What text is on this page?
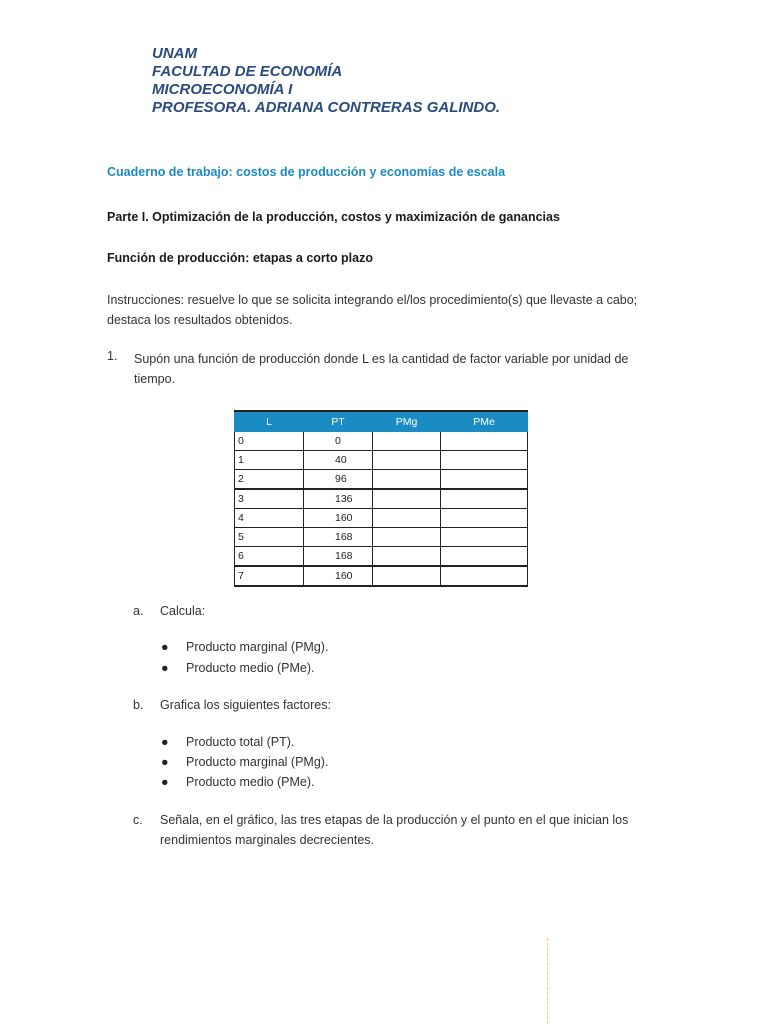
UNAM
FACULTAD DE ECONOMÍA
MICROECONOMÍA I
PROFESORA. ADRIANA CONTRERAS GALINDO.
Cuaderno de trabajo: costos de producción y economías de escala
Parte I. Optimización de la producción, costos y maximización de ganancias
Función de producción: etapas a corto plazo
Instrucciones: resuelve lo que se solicita integrando el/los procedimiento(s) que llevaste a cabo; destaca los resultados obtenidos.
1. Supón una función de producción donde L es la cantidad de factor variable por unidad de tiempo.
L	PT	PMg	PMe
0	0		
1	40		
2	96		
3	136		
4	160		
5	168		
6	168		
7	160		
a. Calcula:
● Producto marginal (PMg).
● Producto medio (PMe).
b. Grafica los siguientes factores:
● Producto total (PT).
● Producto marginal (PMg).
● Producto medio (PMe).
c. Señala, en el gráfico, las tres etapas de la producción y el punto en el que inician los rendimientos marginales decrecientes.
